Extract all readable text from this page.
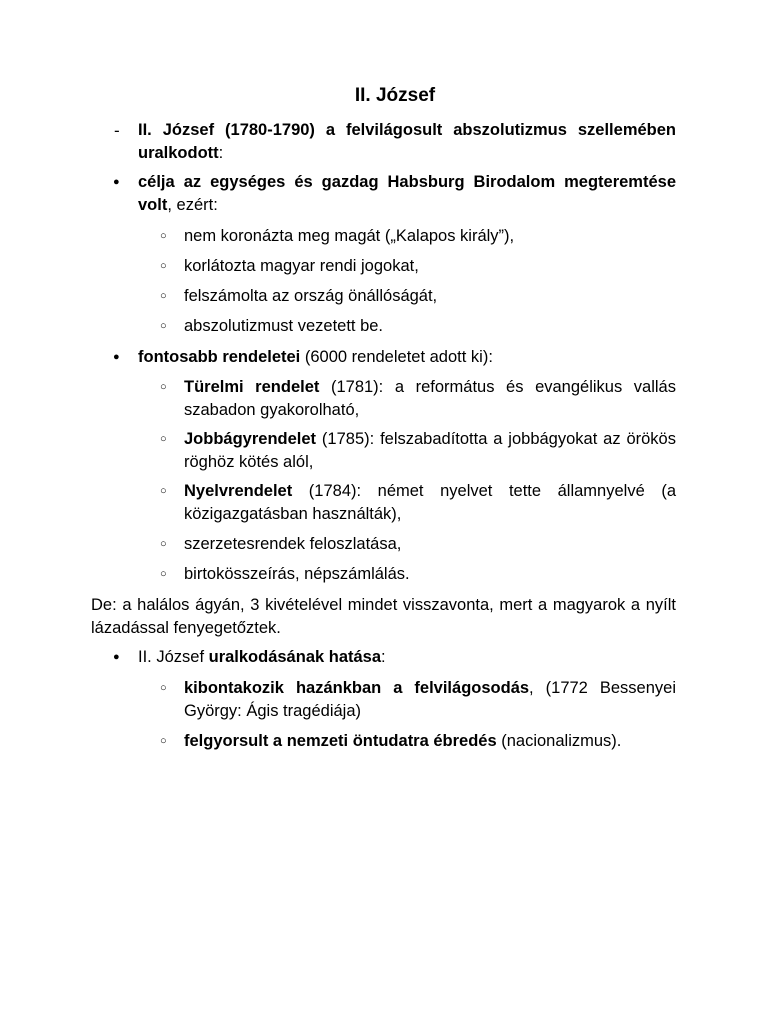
II. József
- II. József (1780-1790) a felvilágosult abszolutizmus szellemében uralkodott:
● célja az egységes és gazdag Habsburg Birodalom megteremtése volt, ezért:
○ nem koronázta meg magát („Kalapos király”),
○ korlátozta magyar rendi jogokat,
○ felszámolta az ország önállóságát,
○ abszolutizmust vezetett be.
● fontosabb rendeletei (6000 rendeletet adott ki):
○ Türelmi rendelet (1781): a református és evangélikus vallás szabadon gyakorolható,
○ Jobbágyrendelet (1785): felszabadította a jobbágyokat az örökös röghöz kötés alól,
○ Nyelvrendelet (1784): német nyelvet tette államnyelvé (a közigazgatásban használták),
○ szerzetesrendek feloszlatása,
○ birtokösszeírás, népszámlálás.
De: a halálos ágyán, 3 kivételével mindet visszavonta, mert a magyarok a nyílt lázadással fenyegetőztek.
● II. József uralkodásának hatása:
○ kibontakozik hazánkban a felvilágosodás, (1772 Bessenyei György: Ágis tragédiája)
○ felgyorsult a nemzeti öntudatra ébredés (nacionalizmus).
